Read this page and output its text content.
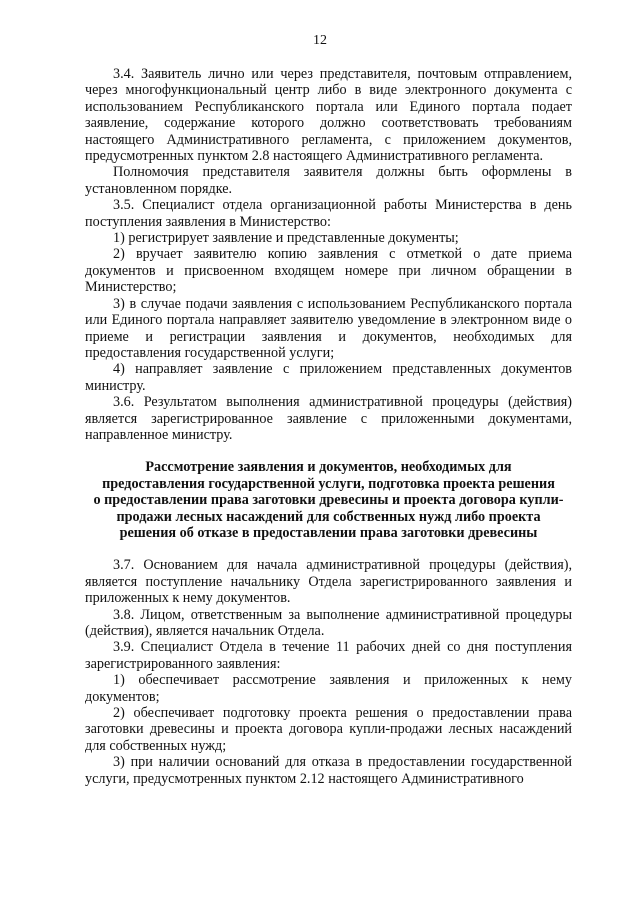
12

3.4. Заявитель лично или через представителя, почтовым отправлением, через многофункциональный центр либо в виде электронного документа с использованием Республиканского портала или Единого портала подает заявление, содержание которого должно соответствовать требованиям настоящего Административного регламента, с приложением документов, предусмотренных пунктом 2.8 настоящего Административного регламента.

Полномочия представителя заявителя должны быть оформлены в установленном порядке.

3.5. Специалист отдела организационной работы Министерства в день поступления заявления в Министерство:

1) регистрирует заявление и представленные документы;

2) вручает заявителю копию заявления с отметкой о дате приема документов и присвоенном входящем номере при личном обращении в Министерство;

3) в случае подачи заявления с использованием Республиканского портала или Единого портала направляет заявителю уведомление в электронном виде о приеме и регистрации заявления и документов, необходимых для предоставления государственной услуги;

4) направляет заявление с приложением представленных документов министру.

3.6. Результатом выполнения административной процедуры (действия) является зарегистрированное заявление с приложенными документами, направленное министру.

Рассмотрение заявления и документов, необходимых для
предоставления государственной услуги, подготовка проекта решения
о предоставлении права заготовки древесины и проекта договора купли-
продажи лесных насаждений для собственных нужд либо проекта
решения об отказе в предоставлении права заготовки древесины

3.7. Основанием для начала административной процедуры (действия), является поступление начальнику Отдела зарегистрированного заявления и приложенных к нему документов.

3.8. Лицом, ответственным за выполнение административной процедуры (действия), является начальник Отдела.

3.9. Специалист Отдела в течение 11 рабочих дней со дня поступления зарегистрированного заявления:

1) обеспечивает рассмотрение заявления и приложенных к нему документов;

2) обеспечивает подготовку проекта решения о предоставлении права заготовки древесины и проекта договора купли-продажи лесных насаждений для собственных нужд;

3) при наличии оснований для отказа в предоставлении государственной услуги, предусмотренных пунктом 2.12 настоящего Административного
